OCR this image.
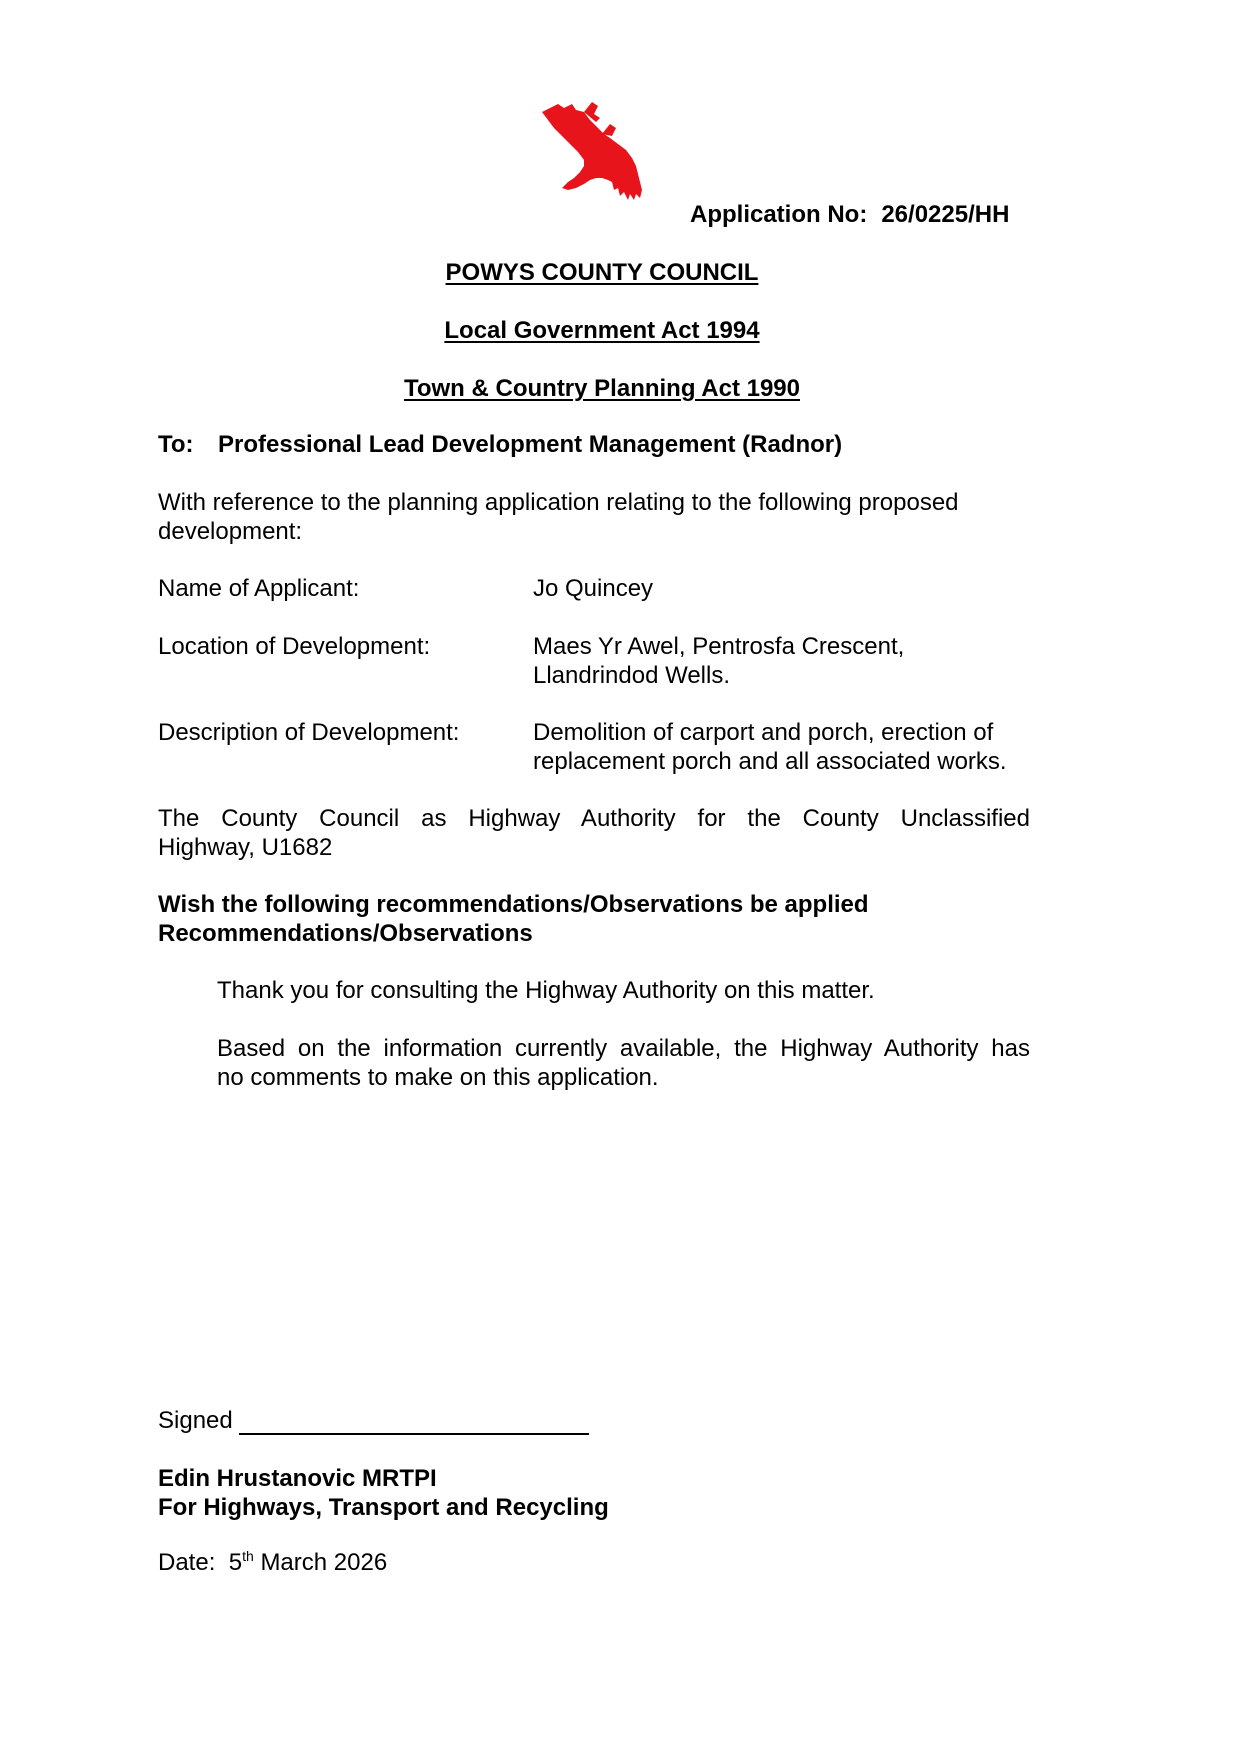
Application No: 26/0225/HH
POWYS COUNTY COUNCIL
Local Government Act 1994
Town & Country Planning Act 1990
To: Professional Lead Development Management (Radnor)
With reference to the planning application relating to the following proposed
development:
Name of Applicant:	Jo Quincey
Location of Development:	Maes Yr Awel, Pentrosfa Crescent,
Llandrindod Wells.
Description of Development:	Demolition of carport and porch, erection of
replacement porch and all associated works.
The County Council as Highway Authority for the County Unclassified
Highway, U1682
Wish the following recommendations/Observations be applied
Recommendations/Observations
Thank you for consulting the Highway Authority on this matter.
Based on the information currently available, the Highway Authority has
no comments to make on this application.
Signed
Edin Hrustanovic MRTPI
For Highways, Transport and Recycling
Date: 5th March 2026
